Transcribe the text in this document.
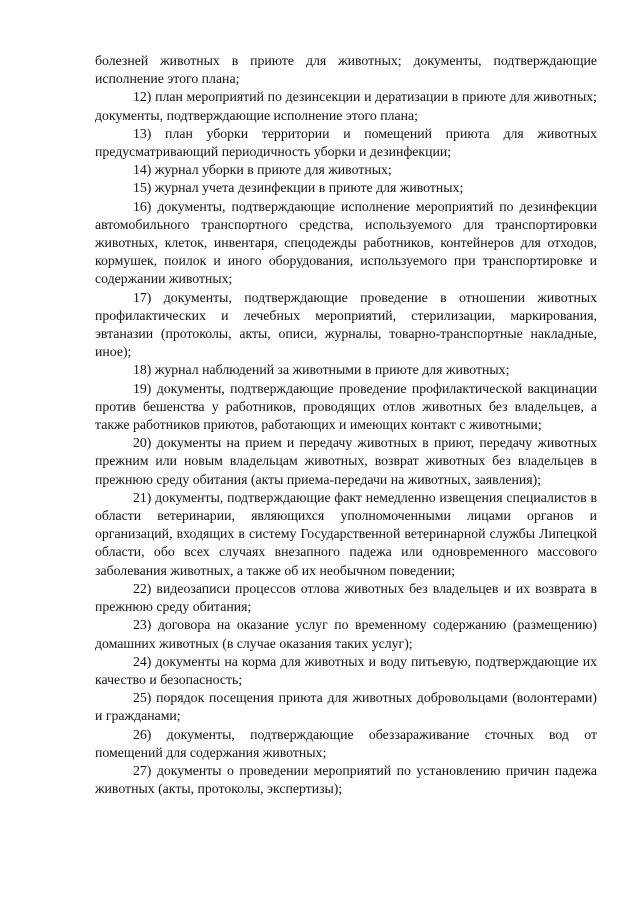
болезней животных в приюте для животных; документы, подтверждающие исполнение этого плана;

12) план мероприятий по дезинсекции и дератизации в приюте для животных; документы, подтверждающие исполнение этого плана;

13) план уборки территории и помещений приюта для животных предусматривающий периодичность уборки и дезинфекции;

14) журнал уборки в приюте для животных;

15) журнал учета дезинфекции в приюте для животных;

16) документы, подтверждающие исполнение мероприятий по дезинфекции автомобильного транспортного средства, используемого для транспортировки животных, клеток, инвентаря, спецодежды работников, контейнеров для отходов, кормушек, поилок и иного оборудования, используемого при транспортировке и содержании животных;

17) документы, подтверждающие проведение в отношении животных профилактических и лечебных мероприятий, стерилизации, маркирования, эвтаназии (протоколы, акты, описи, журналы, товарно-транспортные накладные, иное);

18) журнал наблюдений за животными в приюте для животных;

19) документы, подтверждающие проведение профилактической вакцинации против бешенства у работников, проводящих отлов животных без владельцев, а также работников приютов, работающих и имеющих контакт с животными;

20) документы на прием и передачу животных в приют, передачу животных прежним или новым владельцам животных, возврат животных без владельцев в прежнюю среду обитания (акты приема-передачи на животных, заявления);

21) документы, подтверждающие факт немедленно извещения специалистов в области ветеринарии, являющихся уполномоченными лицами органов и организаций, входящих в систему Государственной ветеринарной службы Липецкой области, обо всех случаях внезапного падежа или одновременного массового заболевания животных, а также об их необычном поведении;

22) видеозаписи процессов отлова животных без владельцев и их возврата в прежнюю среду обитания;

23) договора на оказание услуг по временному содержанию (размещению) домашних животных (в случае оказания таких услуг);

24) документы на корма для животных и воду питьевую, подтверждающие их качество и безопасность;

25) порядок посещения приюта для животных добровольцами (волонтерами) и гражданами;

26) документы, подтверждающие обеззараживание сточных вод от помещений для содержания животных;

27) документы о проведении мероприятий по установлению причин падежа животных (акты, протоколы, экспертизы);
